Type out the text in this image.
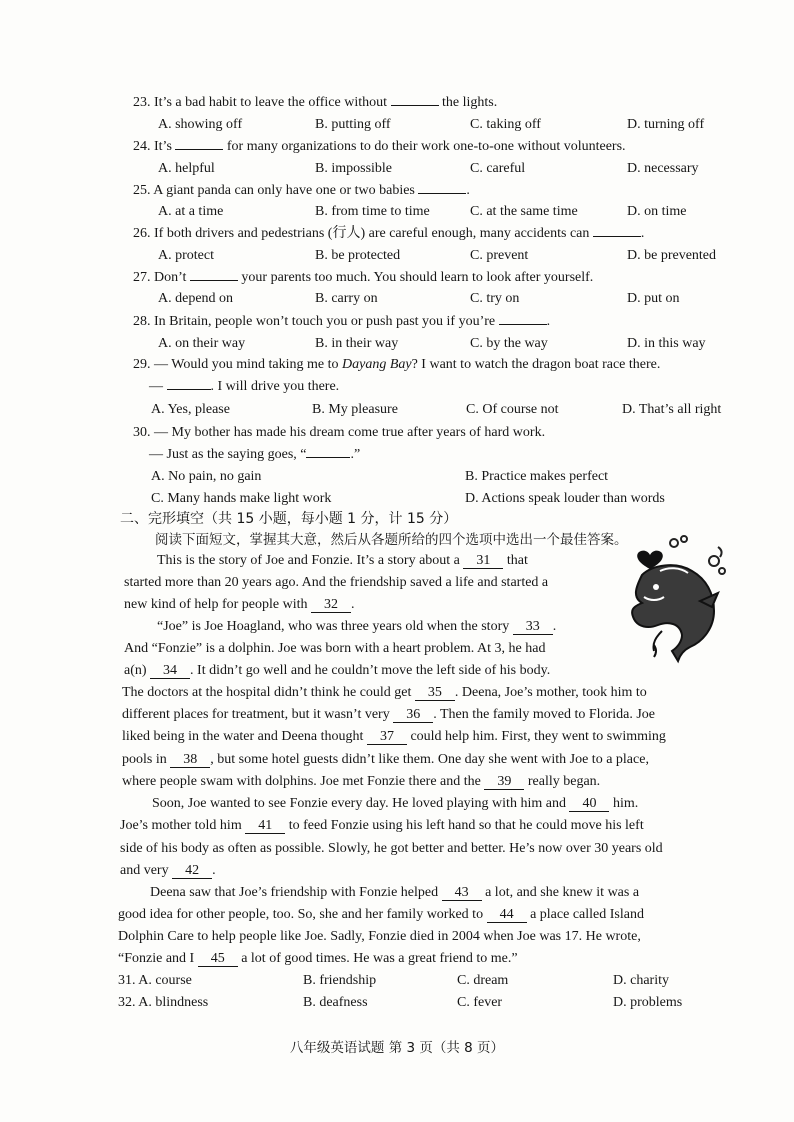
23. It’s a bad habit to leave the office without	the lights.
A. showing off	B. putting off	C. taking off	D. turning off
24. It’s	for many organizations to do their work one-to-one without volunteers.
A. helpful	B. impossible	C. careful	D. necessary
25. A giant panda can only have one or two babies	.
A. at a time	B. from time to time	C. at the same time	D. on time
26. If both drivers and pedestrians (行人) are careful enough, many accidents can	.
A. protect	B. be protected	C. prevent	D. be prevented
27. Don’t	your parents too much. You should learn to look after yourself.
A. depend on	B. carry on	C. try on	D. put on
28. In Britain, people won’t touch you or push past you if you’re	.
A. on their way	B. in their way	C. by the way	D. in this way
29. — Would you mind taking me to Dayang Bay? I want to watch the dragon boat race there.
—	. I will drive you there.
A. Yes, please	B. My pleasure	C. Of course not	D. That’s all right
30. — My bother has made his dream come true after years of hard work.
— Just as the saying goes, “	.”
A. No pain, no gain	B. Practice makes perfect
C. Many hands make light work	D. Actions speak louder than words
二、完形填空（共 15 小题，每小题 1 分，计 15 分）
阅读下面短文，掌握其大意，然后从各题所给的四个选项中选出一个最佳答案。
This is the story of Joe and Fonzie. It’s a story about a 31 that
started more than 20 years ago. And the friendship saved a life and started a
new kind of help for people with 32 .
“Joe” is Joe Hoagland, who was three years old when the story 33 .
And “Fonzie” is a dolphin. Joe was born with a heart problem. At 3, he had
a(n) 34 . It didn’t go well and he couldn’t move the left side of his body.
The doctors at the hospital didn’t think he could get 35 . Deena, Joe’s mother, took him to
different places for treatment, but it wasn’t very 36 . Then the family moved to Florida. Joe
liked being in the water and Deena thought 37 could help him. First, they went to swimming
pools in 38 , but some hotel guests didn’t like them. One day she went with Joe to a place,
where people swam with dolphins. Joe met Fonzie there and the 39 really began.
Soon, Joe wanted to see Fonzie every day. He loved playing with him and 40 him.
Joe’s mother told him 41 to feed Fonzie using his left hand so that he could move his left
side of his body as often as possible. Slowly, he got better and better. He’s now over 30 years old
and very 42 .
Deena saw that Joe’s friendship with Fonzie helped 43 a lot, and she knew it was a
good idea for other people, too. So, she and her family worked to 44 a place called Island
Dolphin Care to help people like Joe. Sadly, Fonzie died in 2004 when Joe was 17. He wrote,
“Fonzie and I 45 a lot of good times. He was a great friend to me.”
31. A. course	B. friendship	C. dream	D. charity
32. A. blindness	B. deafness	C. fever	D. problems
八年级英语试题 第 3 页（共 8 页）
